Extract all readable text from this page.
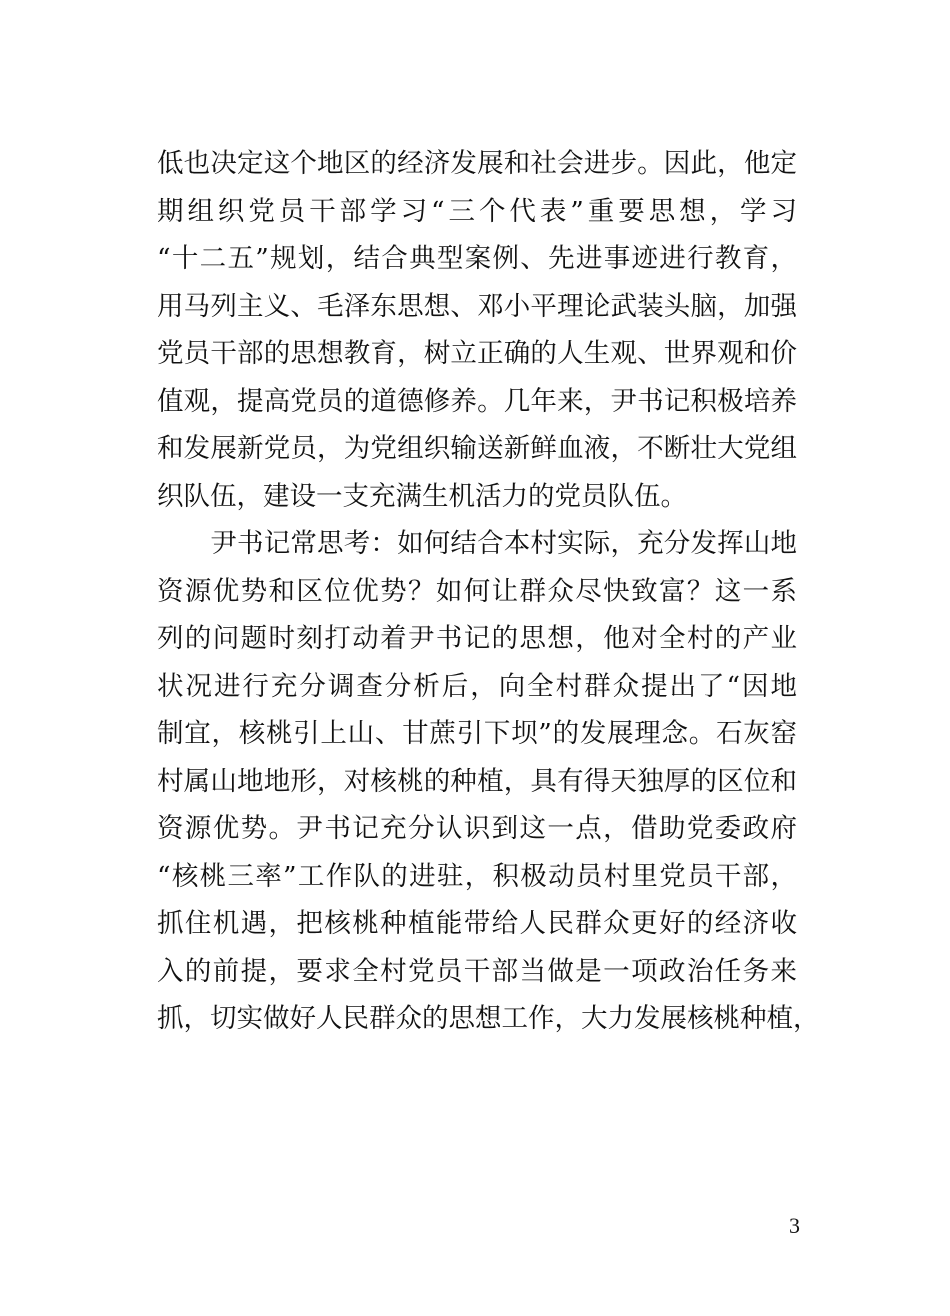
低也决定这个地区的经济发展和社会进步。因此，他定
期组织党员干部学习“三个代表”重要思想，学习
“十二五”规划，结合典型案例、先进事迹进行教育，
用马列主义、毛泽东思想、邓小平理论武装头脑，加强
党员干部的思想教育，树立正确的人生观、世界观和价
值观，提高党员的道德修养。几年来，尹书记积极培养
和发展新党员，为党组织输送新鲜血液，不断壮大党组
织队伍，建设一支充满生机活力的党员队伍。
　　尹书记常思考：如何结合本村实际，充分发挥山地
资源优势和区位优势？如何让群众尽快致富？这一系
列的问题时刻打动着尹书记的思想，他对全村的产业
状况进行充分调查分析后，向全村群众提出了“因地
制宜，核桃引上山、甘蔗引下坝”的发展理念。石灰窑
村属山地地形，对核桃的种植，具有得天独厚的区位和
资源优势。尹书记充分认识到这一点，借助党委政府
“核桃三率”工作队的进驻，积极动员村里党员干部，
抓住机遇，把核桃种植能带给人民群众更好的经济收
入的前提，要求全村党员干部当做是一项政治任务来
抓，切实做好人民群众的思想工作，大力发展核桃种植，
3
